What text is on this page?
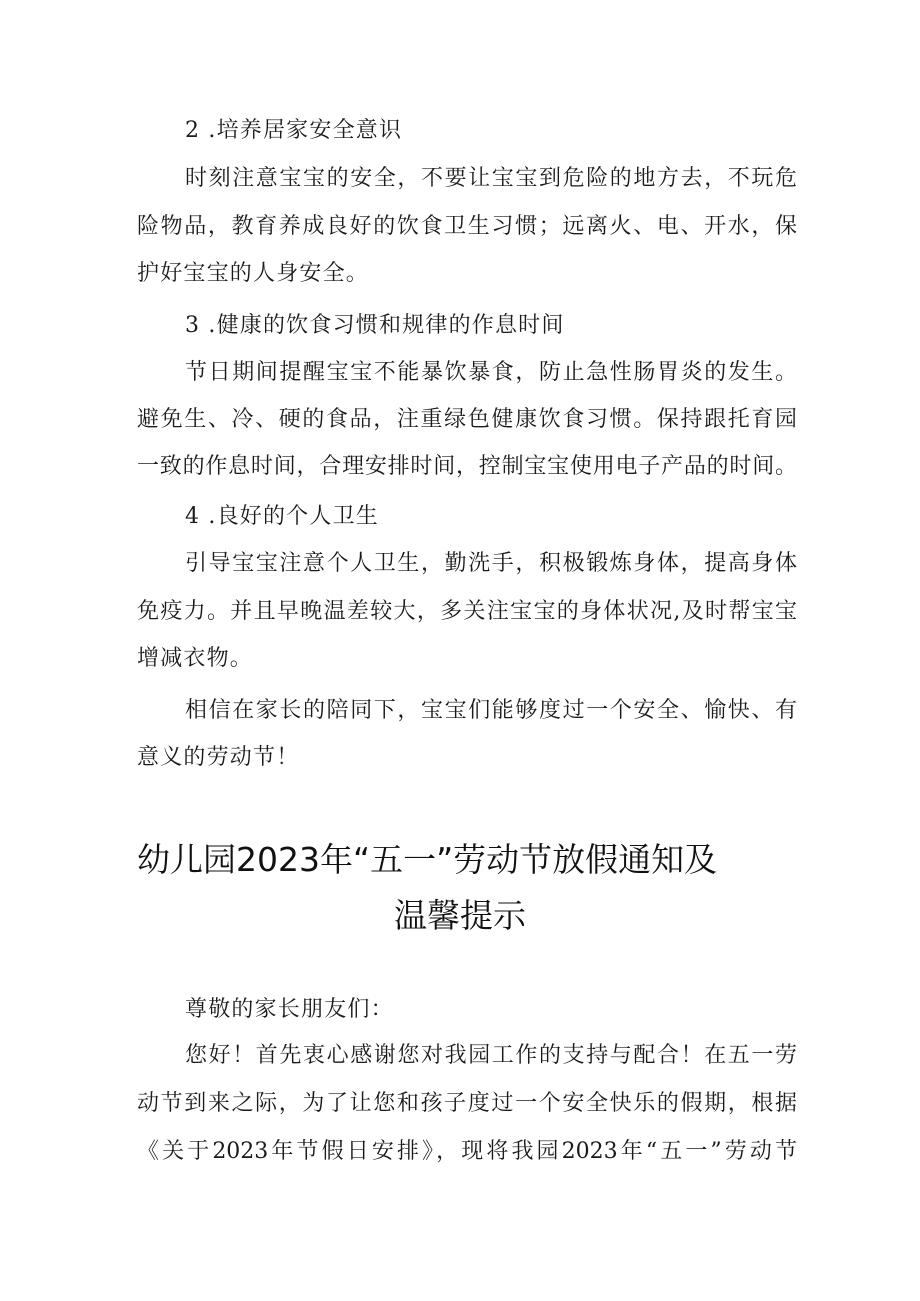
2 .培养居家安全意识
时刻注意宝宝的安全，不要让宝宝到危险的地方去，不玩危
险物品，教育养成良好的饮食卫生习惯；远离火、电、开水，保
护好宝宝的人身安全。
3 .健康的饮食习惯和规律的作息时间
节日期间提醒宝宝不能暴饮暴食，防止急性肠胃炎的发生。
避免生、冷、硬的食品，注重绿色健康饮食习惯。保持跟托育园
一致的作息时间，合理安排时间，控制宝宝使用电子产品的时间。
4 .良好的个人卫生
引导宝宝注意个人卫生，勤洗手，积极锻炼身体，提高身体
免疫力。并且早晚温差较大，多关注宝宝的身体状况,及时帮宝宝
增减衣物。
相信在家长的陪同下，宝宝们能够度过一个安全、愉快、有
意义的劳动节！
幼儿园2023年“五一”劳动节放假通知及
温馨提示
尊敬的家长朋友们：
您好！首先衷心感谢您对我园工作的支持与配合！在五一劳
动节到来之际，为了让您和孩子度过一个安全快乐的假期，根据
《关于2023年节假日安排》，现将我园2023年“五一”劳动节
